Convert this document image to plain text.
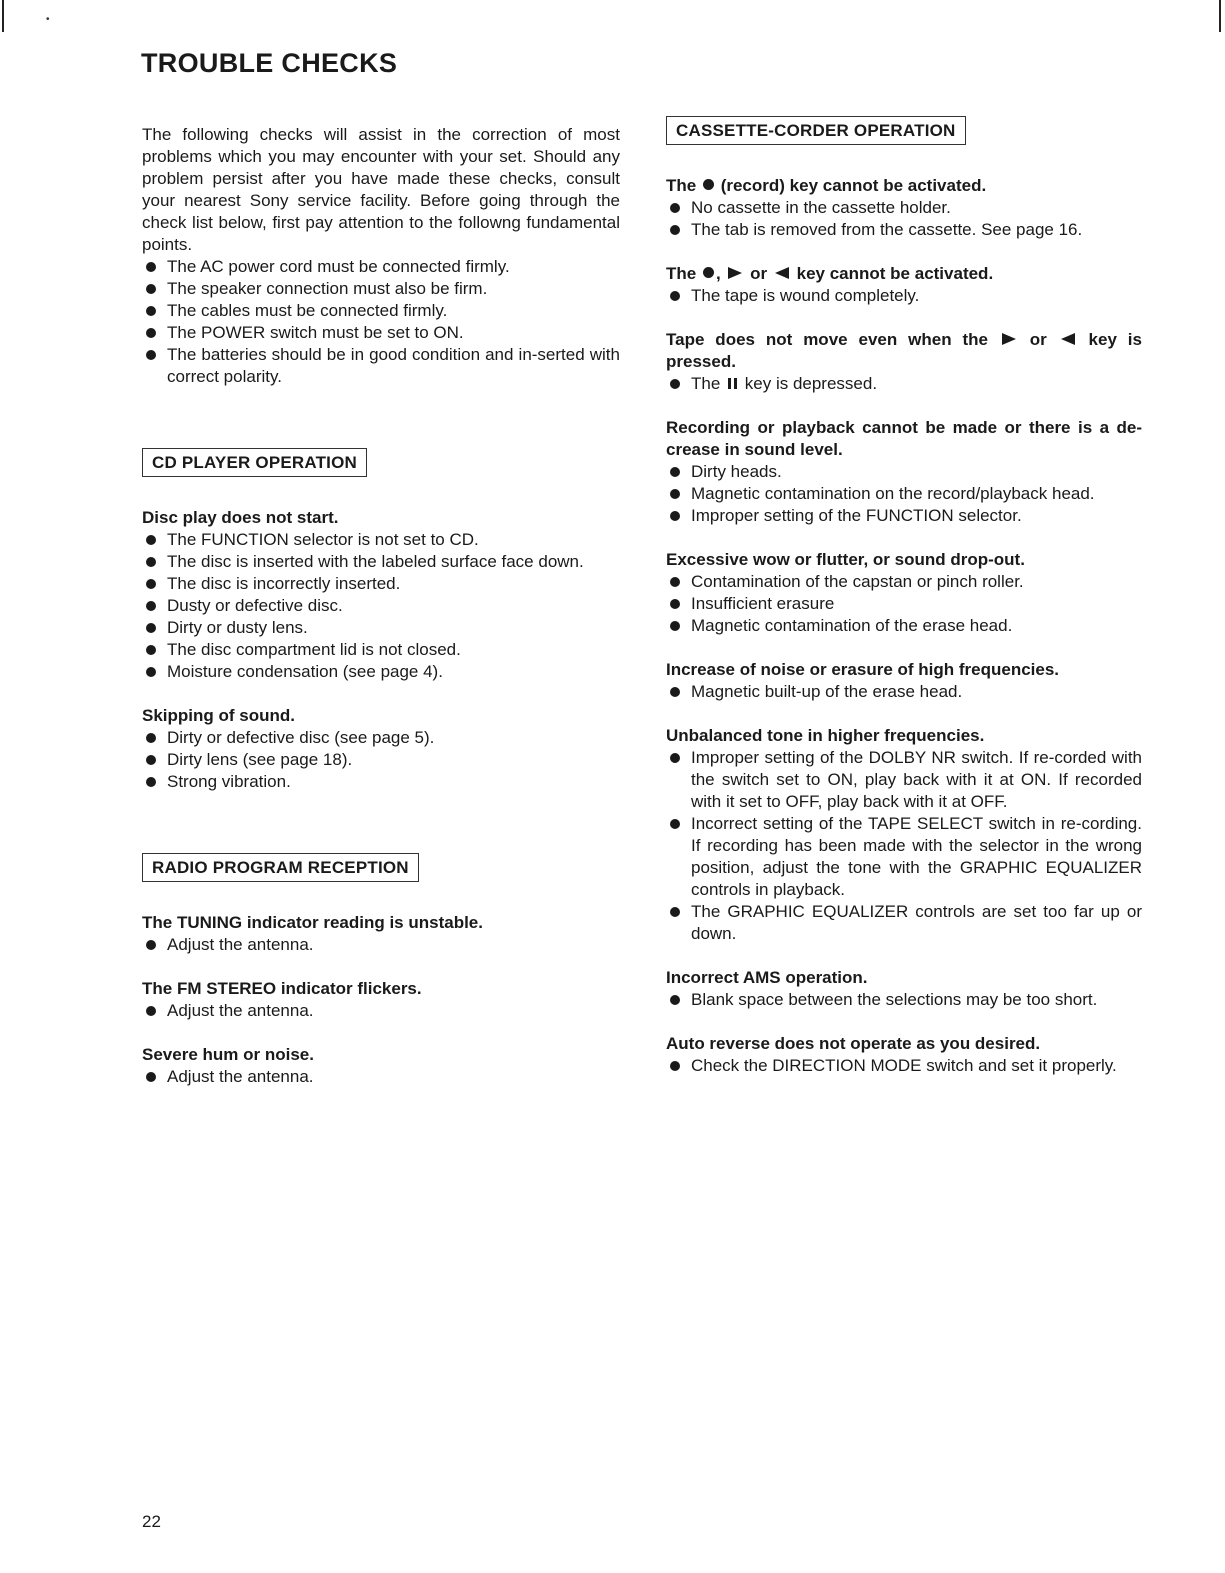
•
TROUBLE CHECKS

The following checks will assist in the correction of most problems which you may encounter with your set. Should any problem persist after you have made these checks, consult your nearest Sony service facility. Before going through the check list below, first pay attention to the followng fundamental points.

The AC power cord must be connected firmly.
The speaker connection must also be firm.
The cables must be connected firmly.
The POWER switch must be set to ON.
The batteries should be in good condition and in-serted with correct polarity.
CD PLAYER OPERATION

Disc play does not start.

The FUNCTION selector is not set to CD.
The disc is inserted with the labeled surface face down.
The disc is incorrectly inserted.
Dusty or defective disc.
Dirty or dusty lens.
The disc compartment lid is not closed.
Moisture condensation (see page 4).

Skipping of sound.

Dirty or defective disc (see page 5).
Dirty lens (see page 18).
Strong vibration.
RADIO PROGRAM RECEPTION

The TUNING indicator reading is unstable.

Adjust the antenna.

The FM STEREO indicator flickers.

Adjust the antenna.

Severe hum or noise.

Adjust the antenna.
CASSETTE-CORDER OPERATION

The (record) key cannot be activated.

No cassette in the cassette holder.
The tab is removed from the cassette. See page 16.

The , or key cannot be activated.

The tape is wound completely.

Tape does not move even when the or key is pressed.

The key is depressed.

Recording or playback cannot be made or there is a de-crease in sound level.

Dirty heads.
Magnetic contamination on the record/playback head.
Improper setting of the FUNCTION selector.

Excessive wow or flutter, or sound drop-out.

Contamination of the capstan or pinch roller.
Insufficient erasure
Magnetic contamination of the erase head.

Increase of noise or erasure of high frequencies.

Magnetic built-up of the erase head.

Unbalanced tone in higher frequencies.

Improper setting of the DOLBY NR switch. If re-corded with the switch set to ON, play back with it at ON. If recorded with it set to OFF, play back with it at OFF.
Incorrect setting of the TAPE SELECT switch in re-cording. If recording has been made with the selector in the wrong position, adjust the tone with the GRAPHIC EQUALIZER controls in playback.
The GRAPHIC EQUALIZER controls are set too far up or down.

Incorrect AMS operation.

Blank space between the selections may be too short.

Auto reverse does not operate as you desired.

Check the DIRECTION MODE switch and set it properly.
22
